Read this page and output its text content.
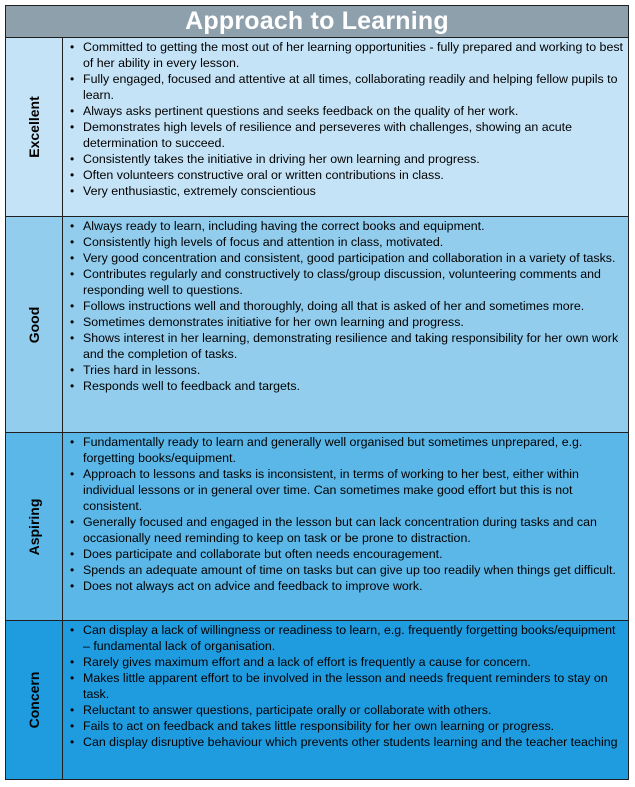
Approach to Learning
Excellent
• Committed to getting the most out of her learning opportunities - fully prepared and working to best of her ability in every lesson.
• Fully engaged, focused and attentive at all times, collaborating readily and helping fellow pupils to learn.
• Always asks pertinent questions and seeks feedback on the quality of her work.
• Demonstrates high levels of resilience and perseveres with challenges, showing an acute determination to succeed.
• Consistently takes the initiative in driving her own learning and progress.
• Often volunteers constructive oral or written contributions in class.
• Very enthusiastic, extremely conscientious
Good
• Always ready to learn, including having the correct books and equipment.
• Consistently high levels of focus and attention in class, motivated.
• Very good concentration and consistent, good participation and collaboration in a variety of tasks.
• Contributes regularly and constructively to class/group discussion, volunteering comments and responding well to questions.
• Follows instructions well and thoroughly, doing all that is asked of her and sometimes more.
• Sometimes demonstrates initiative for her own learning and progress.
• Shows interest in her learning, demonstrating resilience and taking responsibility for her own work and the completion of tasks.
• Tries hard in lessons.
• Responds well to feedback and targets.
Aspiring
• Fundamentally ready to learn and generally well organised but sometimes unprepared, e.g. forgetting books/equipment.
• Approach to lessons and tasks is inconsistent, in terms of working to her best, either within individual lessons or in general over time. Can sometimes make good effort but this is not consistent.
• Generally focused and engaged in the lesson but can lack concentration during tasks and can occasionally need reminding to keep on task or be prone to distraction.
• Does participate and collaborate but often needs encouragement.
• Spends an adequate amount of time on tasks but can give up too readily when things get difficult.
• Does not always act on advice and feedback to improve work.
Concern
• Can display a lack of willingness or readiness to learn, e.g. frequently forgetting books/equipment – fundamental lack of organisation.
• Rarely gives maximum effort and a lack of effort is frequently a cause for concern.
• Makes little apparent effort to be involved in the lesson and needs frequent reminders to stay on task.
• Reluctant to answer questions, participate orally or collaborate with others.
• Fails to act on feedback and takes little responsibility for her own learning or progress.
• Can display disruptive behaviour which prevents other students learning and the teacher teaching
